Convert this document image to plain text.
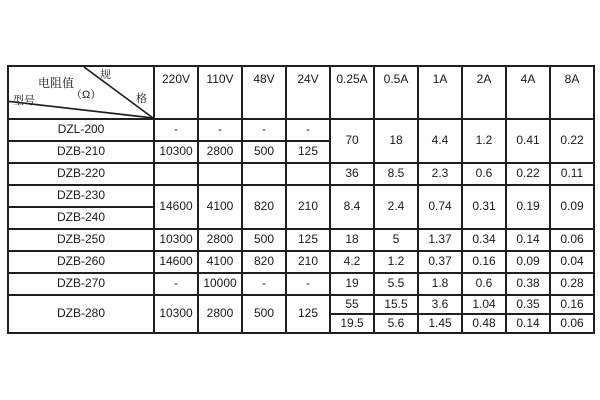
规
格
电阻值
（Ω）
型号	220V	110V	48V	24V	0.25A	0.5A	1A	2A	4A	8A
DZL-200	-	-	-	-	70	18	4.4	1.2	0.41	0.22
DZB-210	10300	2800	500	125						
DZB-220					36	8.5	2.3	0.6	0.22	0.11
DZB-230	14600	4100	820	210	8.4	2.4	0.74	0.31	0.19	0.09
DZB-240										
DZB-250	10300	2800	500	125	18	5	1.37	0.34	0.14	0.06
DZB-260	14600	4100	820	210	4.2	1.2	0.37	0.16	0.09	0.04
DZB-270	-	10000	-	-	19	5.5	1.8	0.6	0.38	0.28
DZB-280	10300	2800	500	125	55	15.5	3.6	1.04	0.35	0.16
					19.5	5.6	1.45	0.48	0.14	0.06
